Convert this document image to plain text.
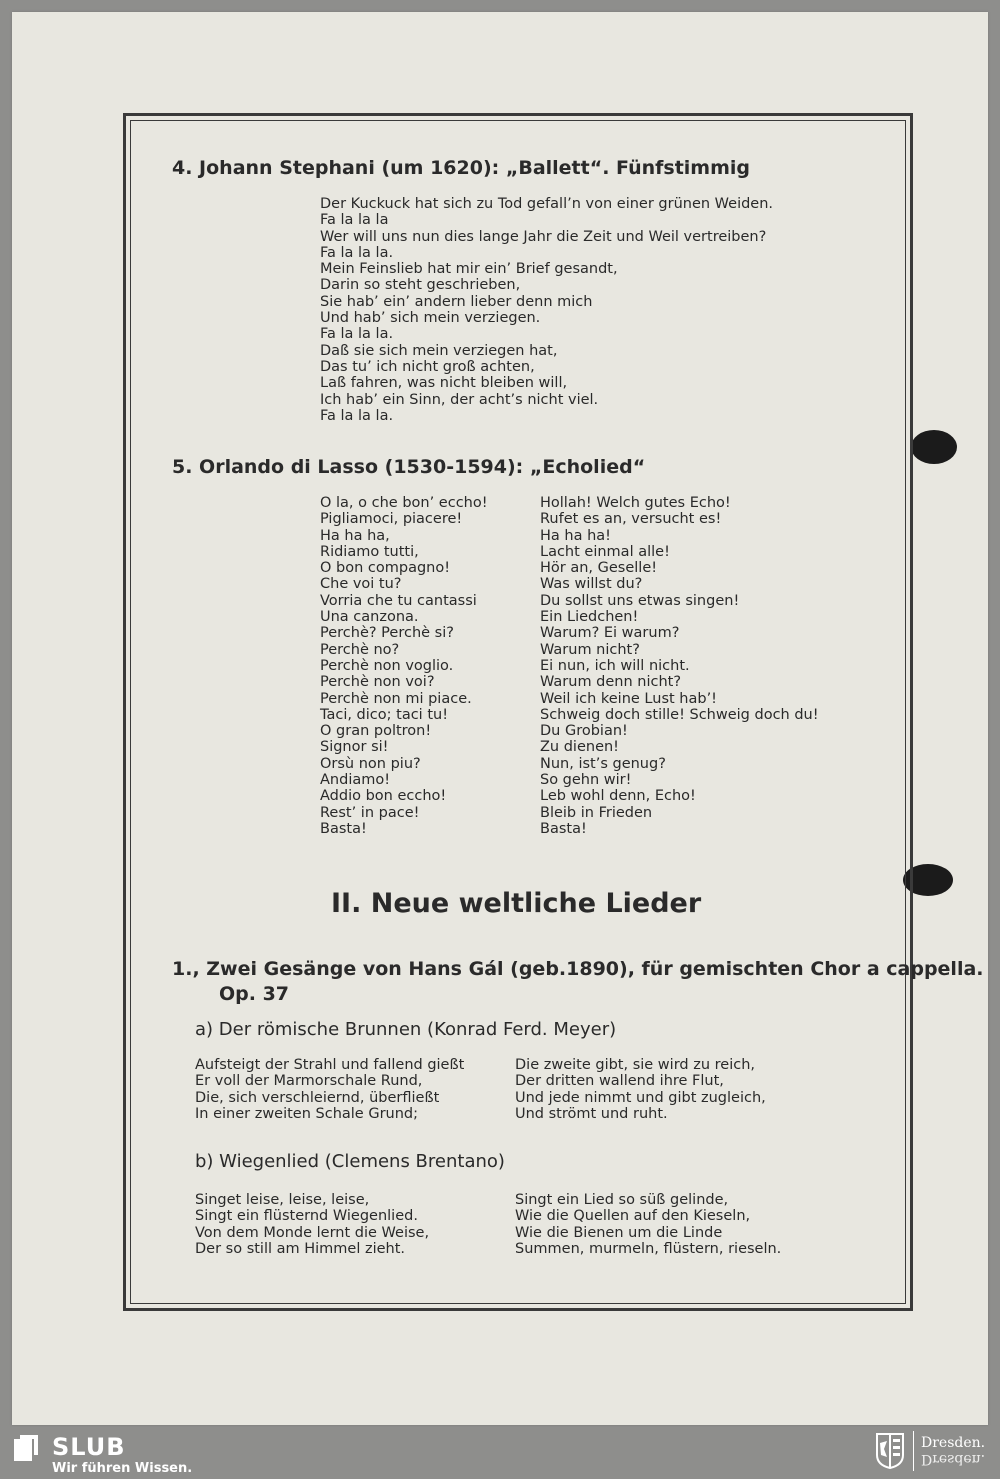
4. Johann Stephani (um 1620): „Ballett“. Fünfstimmig
Der Kuckuck hat sich zu Tod gefall’n von einer grünen Weiden.
Fa la la la
Wer will uns nun dies lange Jahr die Zeit und Weil vertreiben?
Fa la la la.
Mein Feinslieb hat mir ein’ Brief gesandt,
Darin so steht geschrieben,
Sie hab’ ein’ andern lieber denn mich
Und hab’ sich mein verziegen.
Fa la la la.
Daß sie sich mein verziegen hat,
Das tu’ ich nicht groß achten,
Laß fahren, was nicht bleiben will,
Ich hab’ ein Sinn, der acht’s nicht viel.
Fa la la la.
5. Orlando di Lasso (1530-1594): „Echolied“
O la, o che bon’ eccho!
Pigliamoci, piacere!
Ha ha ha,
Ridiamo tutti,
O bon compagno!
Che voi tu?
Vorria che tu cantassi
Una canzona.
Perchè? Perchè si?
Perchè no?
Perchè non voglio.
Perchè non voi?
Perchè non mi piace.
Taci, dico; taci tu!
O gran poltron!
Signor si!
Orsù non piu?
Andiamo!
Addio bon eccho!
Rest’ in pace!
Basta!
Hollah! Welch gutes Echo!
Rufet es an, versucht es!
Ha ha ha!
Lacht einmal alle!
Hör an, Geselle!
Was willst du?
Du sollst uns etwas singen!
Ein Liedchen!
Warum? Ei warum?
Warum nicht?
Ei nun, ich will nicht.
Warum denn nicht?
Weil ich keine Lust hab’!
Schweig doch stille! Schweig doch du!
Du Grobian!
Zu dienen!
Nun, ist’s genug?
So gehn wir!
Leb wohl denn, Echo!
Bleib in Frieden
Basta!
II. Neue weltliche Lieder
1., Zwei Gesänge von Hans Gál (geb.1890), für gemischten Chor a cappella.
Op. 37
a) Der römische Brunnen (Konrad Ferd. Meyer)
Aufsteigt der Strahl und fallend gießt
Er voll der Marmorschale Rund,
Die, sich verschleiernd, überfließt
In einer zweiten Schale Grund;
Die zweite gibt, sie wird zu reich,
Der dritten wallend ihre Flut,
Und jede nimmt und gibt zugleich,
Und strömt und ruht.
b) Wiegenlied (Clemens Brentano)
Singet leise, leise, leise,
Singt ein flüsternd Wiegenlied.
Von dem Monde lernt die Weise,
Der so still am Himmel zieht.
Singt ein Lied so süß gelinde,
Wie die Quellen auf den Kieseln,
Wie die Bienen um die Linde
Summen, murmeln, flüstern, rieseln.
SLUB
Wir führen Wissen.
Dresden.
Dresden.
